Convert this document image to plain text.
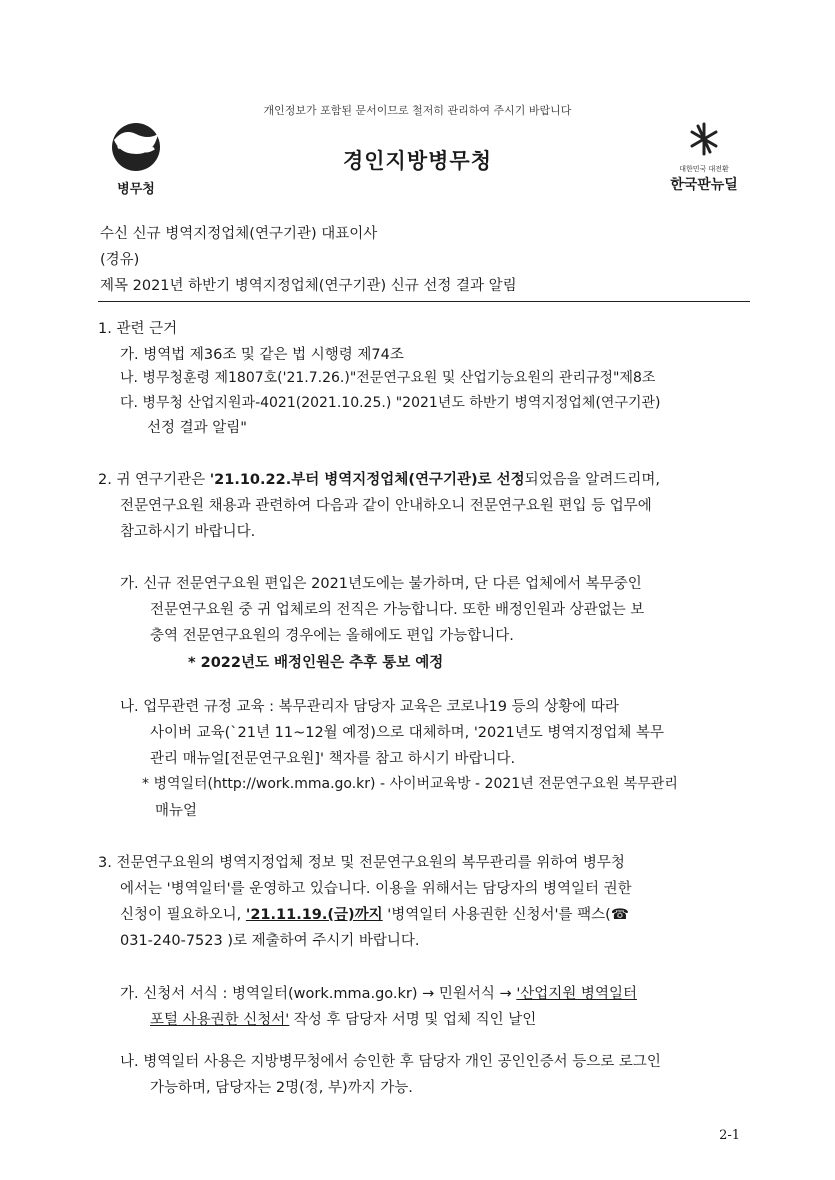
개인정보가 포함된 문서이므로 철저히 관리하여 주시기 바랍니다
병무청
경인지방병무청	대한민국 대전환
한국판뉴딜
수신 신규 병역지정업체(연구기관) 대표이사
(경유)
제목 2021년 하반기 병역지정업체(연구기관) 신규 선정 결과 알림
1. 관련 근거
가. 병역법 제36조 및 같은 법 시행령 제74조
나. 병무청훈령 제1807호('21.7.26.)"전문연구요원 및 산업기능요원의 관리규정"제8조
다. 병무청 산업지원과-4021(2021.10.25.) "2021년도 하반기 병역지정업체(연구기관)
선정 결과 알림"
2. 귀 연구기관은 '21.10.22.부터 병역지정업체(연구기관)로 선정되었음을 알려드리며,
전문연구요원 채용과 관련하여 다음과 같이 안내하오니 전문연구요원 편입 등 업무에
참고하시기 바랍니다.
가. 신규 전문연구요원 편입은 2021년도에는 불가하며, 단 다른 업체에서 복무중인
전문연구요원 중 귀 업체로의 전직은 가능합니다. 또한 배정인원과 상관없는 보
충역 전문연구요원의 경우에는 올해에도 편입 가능합니다.
* 2022년도 배정인원은 추후 통보 예정
나. 업무관련 규정 교육 : 복무관리자 담당자 교육은 코로나19 등의 상황에 따라
사이버 교육(`21년 11~12월 예정)으로 대체하며, '2021년도 병역지정업체 복무
관리 매뉴얼[전문연구요원]' 책자를 참고 하시기 바랍니다.
* 병역일터(http://work.mma.go.kr) - 사이버교육방 - 2021년 전문연구요원 복무관리
매뉴얼
3. 전문연구요원의 병역지정업체 정보 및 전문연구요원의 복무관리를 위하여 병무청
에서는 '병역일터'를 운영하고 있습니다. 이용을 위해서는 담당자의 병역일터 권한
신청이 필요하오니, '21.11.19.(금)까지 '병역일터 사용권한 신청서'를 팩스(☎
031-240-7523 )로 제출하여 주시기 바랍니다.
가. 신청서 서식 : 병역일터(work.mma.go.kr) → 민원서식 → '산업지원 병역일터
포털 사용권한 신청서' 작성 후 담당자 서명 및 업체 직인 날인
나. 병역일터 사용은 지방병무청에서 승인한 후 담당자 개인 공인인증서 등으로 로그인
가능하며, 담당자는 2명(정, 부)까지 가능.
2-1
